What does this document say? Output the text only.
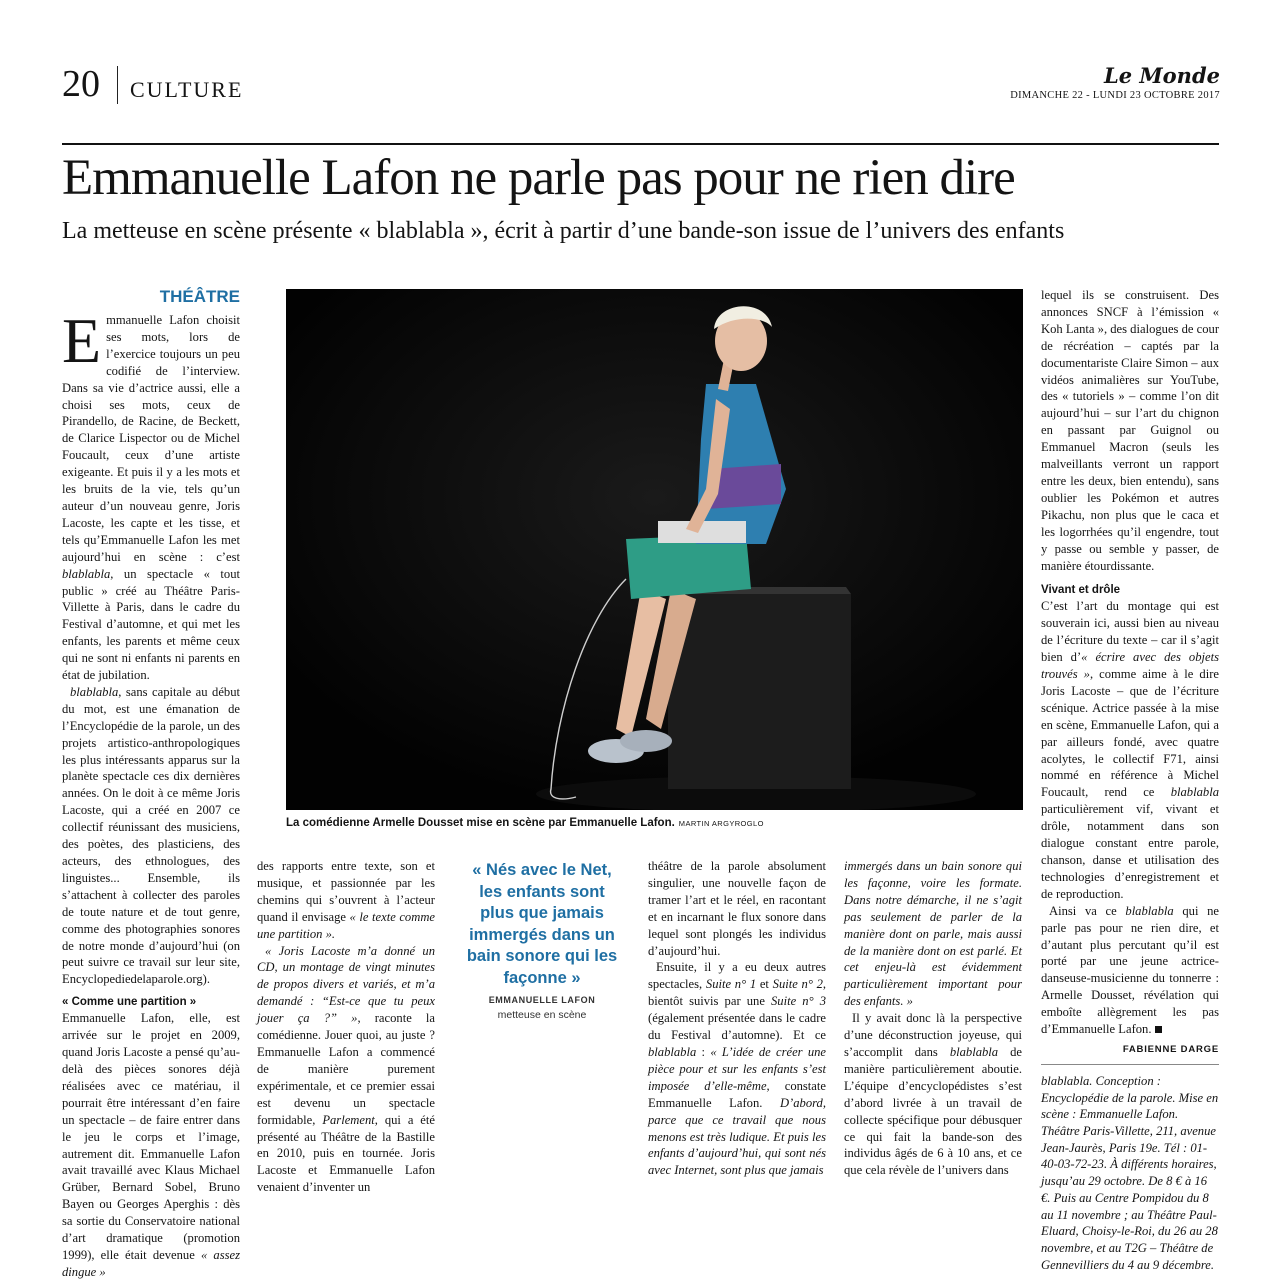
20 CULTURE
Le Monde
DIMANCHE 22 - LUNDI 23 OCTOBRE 2017
Emmanuelle Lafon ne parle pas pour ne rien dire
La metteuse en scène présente « blablabla », écrit à partir d’une bande-son issue de l’univers des enfants
THÉÂTRE

Emmanuelle Lafon choisit ses mots, lors de l’exercice toujours un peu codifié de l’interview. Dans sa vie d’actrice aussi, elle a choisi ses mots, ceux de Pirandello, de Racine, de Beckett, de Clarice Lispector ou de Michel Foucault, ceux d’une artiste exigeante. Et puis il y a les mots et les bruits de la vie, tels qu’un auteur d’un nouveau genre, Joris Lacoste, les capte et les tisse, et tels qu’Emmanuelle Lafon les met aujourd’hui en scène : c’est blablabla, un spectacle « tout public » créé au Théâtre Paris-Villette à Paris, dans le cadre du Festival d’automne, et qui met les enfants, les parents et même ceux qui ne sont ni enfants ni parents en état de jubilation.

blablabla, sans capitale au début du mot, est une émanation de l’Encyclopédie de la parole, un des projets artistico-anthropologiques les plus intéressants apparus sur la planète spectacle ces dix dernières années. On le doit à ce même Joris Lacoste, qui a créé en 2007 ce collectif réunissant des musiciens, des poètes, des plasticiens, des acteurs, des ethnologues, des linguistes... Ensemble, ils s’attachent à collecter des paroles de toute nature et de tout genre, comme des photographies sonores de notre monde d’aujourd’hui (on peut suivre ce travail sur leur site, Encyclopediedelaparole.org).

« Comme une partition »

Emmanuelle Lafon, elle, est arrivée sur le projet en 2009, quand Joris Lacoste a pensé qu’au-delà des pièces sonores déjà réalisées avec ce matériau, il pourrait être intéressant d’en faire un spectacle – de faire entrer dans le jeu le corps et l’image, autrement dit. Emmanuelle Lafon avait travaillé avec Klaus Michael Grüber, Bernard Sobel, Bruno Bayen ou Georges Aperghis : dès sa sortie du Conservatoire national d’art dramatique (promotion 1999), elle était devenue « assez dingue »

La comédienne Armelle Dousset mise en scène par Emmanuelle Lafon. MARTIN ARGYROGLO

des rapports entre texte, son et musique, et passionnée par les chemins qui s’ouvrent à l’acteur quand il envisage « le texte comme une partition ».

« Joris Lacoste m’a donné un CD, un montage de vingt minutes de propos divers et variés, et m’a demandé : “Est-ce que tu peux jouer ça ?” », raconte la comédienne. Jouer quoi, au juste ? Emmanuelle Lafon a commencé de manière purement expérimentale, et ce premier essai est devenu un spectacle formidable, Parlement, qui a été présenté au Théâtre de la Bastille en 2010, puis en tournée. Joris Lacoste et Emmanuelle Lafon venaient d’inventer un

« Nés avec le Net, les enfants sont plus que jamais immergés dans un bain sonore qui les façonne »
EMMANUELLE LAFON
metteuse en scène

théâtre de la parole absolument singulier, une nouvelle façon de tramer l’art et le réel, en racontant et en incarnant le flux sonore dans lequel sont plongés les individus d’aujourd’hui.

Ensuite, il y a eu deux autres spectacles, Suite n° 1 et Suite n° 2, bientôt suivis par une Suite n° 3 (également présentée dans le cadre du Festival d’automne). Et ce blablabla : « L’idée de créer une pièce pour et sur les enfants s’est imposée d’elle-même, constate Emmanuelle Lafon. D’abord, parce que ce travail que nous menons est très ludique. Et puis les enfants d’aujourd’hui, qui sont nés avec Internet, sont plus que jamais

immergés dans un bain sonore qui les façonne, voire les formate. Dans notre démarche, il ne s’agit pas seulement de parler de la manière dont on parle, mais aussi de la manière dont on est parlé. Et cet enjeu-là est évidemment particulièrement important pour des enfants. »

Il y avait donc là la perspective d’une déconstruction joyeuse, qui s’accomplit dans blablabla de manière particulièrement aboutie. L’équipe d’encyclopédistes s’est d’abord livrée à un travail de collecte spécifique pour débusquer ce qui fait la bande-son des individus âgés de 6 à 10 ans, et ce que cela révèle de l’univers dans

lequel ils se construisent. Des annonces SNCF à l’émission « Koh Lanta », des dialogues de cour de récréation – captés par la documentariste Claire Simon – aux vidéos animalières sur YouTube, des « tutoriels » – comme l’on dit aujourd’hui – sur l’art du chignon en passant par Guignol ou Emmanuel Macron (seuls les malveillants verront un rapport entre les deux, bien entendu), sans oublier les Pokémon et autres Pikachu, non plus que le caca et les logorrhées qu’il engendre, tout y passe ou semble y passer, de manière étourdissante.

Vivant et drôle

C’est l’art du montage qui est souverain ici, aussi bien au niveau de l’écriture du texte – car il s’agit bien d’« écrire avec des objets trouvés », comme aime à le dire Joris Lacoste – que de l’écriture scénique. Actrice passée à la mise en scène, Emmanuelle Lafon, qui a par ailleurs fondé, avec quatre acolytes, le collectif F71, ainsi nommé en référence à Michel Foucault, rend ce blablabla particulièrement vif, vivant et drôle, notamment dans son dialogue constant entre parole, chanson, danse et utilisation des technologies d’enregistrement et de reproduction.

Ainsi va ce blablabla qui ne parle pas pour ne rien dire, et d’autant plus percutant qu’il est porté par une jeune actrice-danseuse-musicienne du tonnerre : Armelle Dousset, révélation qui emboîte allègrement les pas d’Emmanuelle Lafon.

FABIENNE DARGE
blablabla. Conception : Encyclopédie de la parole. Mise en scène : Emmanuelle Lafon. Théâtre Paris-Villette, 211, avenue Jean-Jaurès, Paris 19e. Tél : 01-40-03-72-23. À différents horaires, jusqu’au 29 octobre. De 8 € à 16 €. Puis au Centre Pompidou du 8 au 11 novembre ; au Théâtre Paul-Eluard, Choisy-le-Roi, du 26 au 28 novembre, et au T2G – Théâtre de Gennevilliers du 4 au 9 décembre.
